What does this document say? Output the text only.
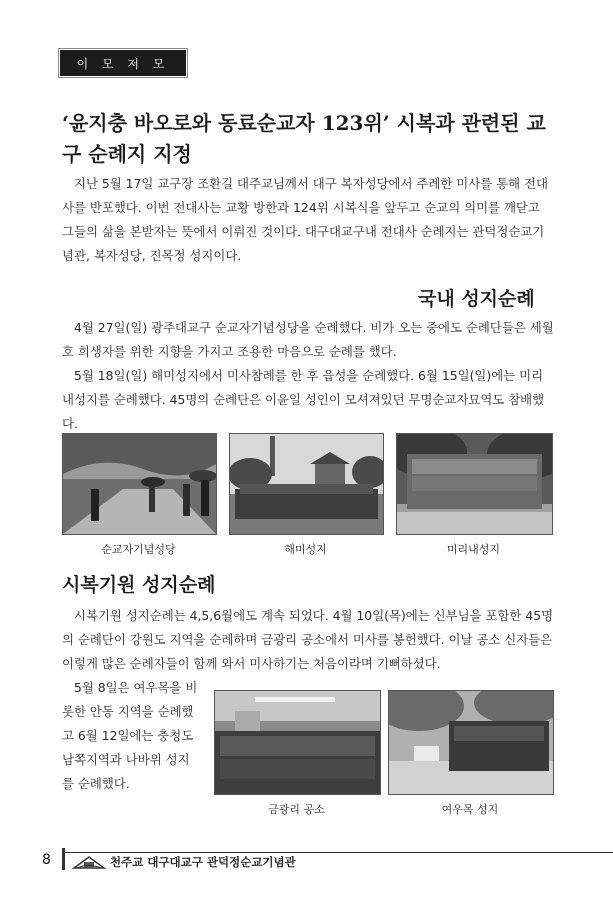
이 모 저 모
‘윤지충 바오로와 동료순교자 123위’ 시복과 관련된 교구 순례지 지정

지난 5월 17일 교구장 조환길 대주교님께서 대구 복자성당에서 주례한 미사를 통해 전대사를 반포했다. 이번 전대사는 교황 방한과 124위 시복식을 앞두고 순교의 의미를 깨닫고 그들의 삶을 본받자는 뜻에서 이뤄진 것이다. 대구대교구내 전대사 순례지는 관덕정순교기념관, 복자성당, 진목정 성지이다.

국내 성지순례

4월 27일(일) 광주대교구 순교자기념성당을 순례했다. 비가 오는 중에도 순례단들은 세월호 희생자를 위한 지향을 가지고 조용한 마음으로 순례를 했다.

5월 18일(일) 해미성지에서 미사참례를 한 후 읍성을 순례했다. 6월 15일(일)에는 미리내성지를 순례했다. 45명의 순례단은 이윤일 성인이 모셔져있던 무명순교자묘역도 참배했다.

순교자기념성당	해미성지	미리내성지
시복기원 성지순례

시복기원 성지순례는 4,5,6월에도 계속 되었다. 4월 10일(목)에는 신부님을 포함한 45명의 순례단이 강원도 지역을 순례하며 금광리 공소에서 미사를 봉헌했다. 이날 공소 신자들은 이렇게 많은 순례자들이 함께 와서 미사하기는 처음이라며 기뻐하셨다.

5월 8일은 여우목을 비롯한 안동 지역을 순례했고 6월 12일에는 충청도 남쪽지역과 나바위 성지를 순례했다.

금광리 공소	여우목 성지
8	천주교 대구대교구 관덕정순교기념관
